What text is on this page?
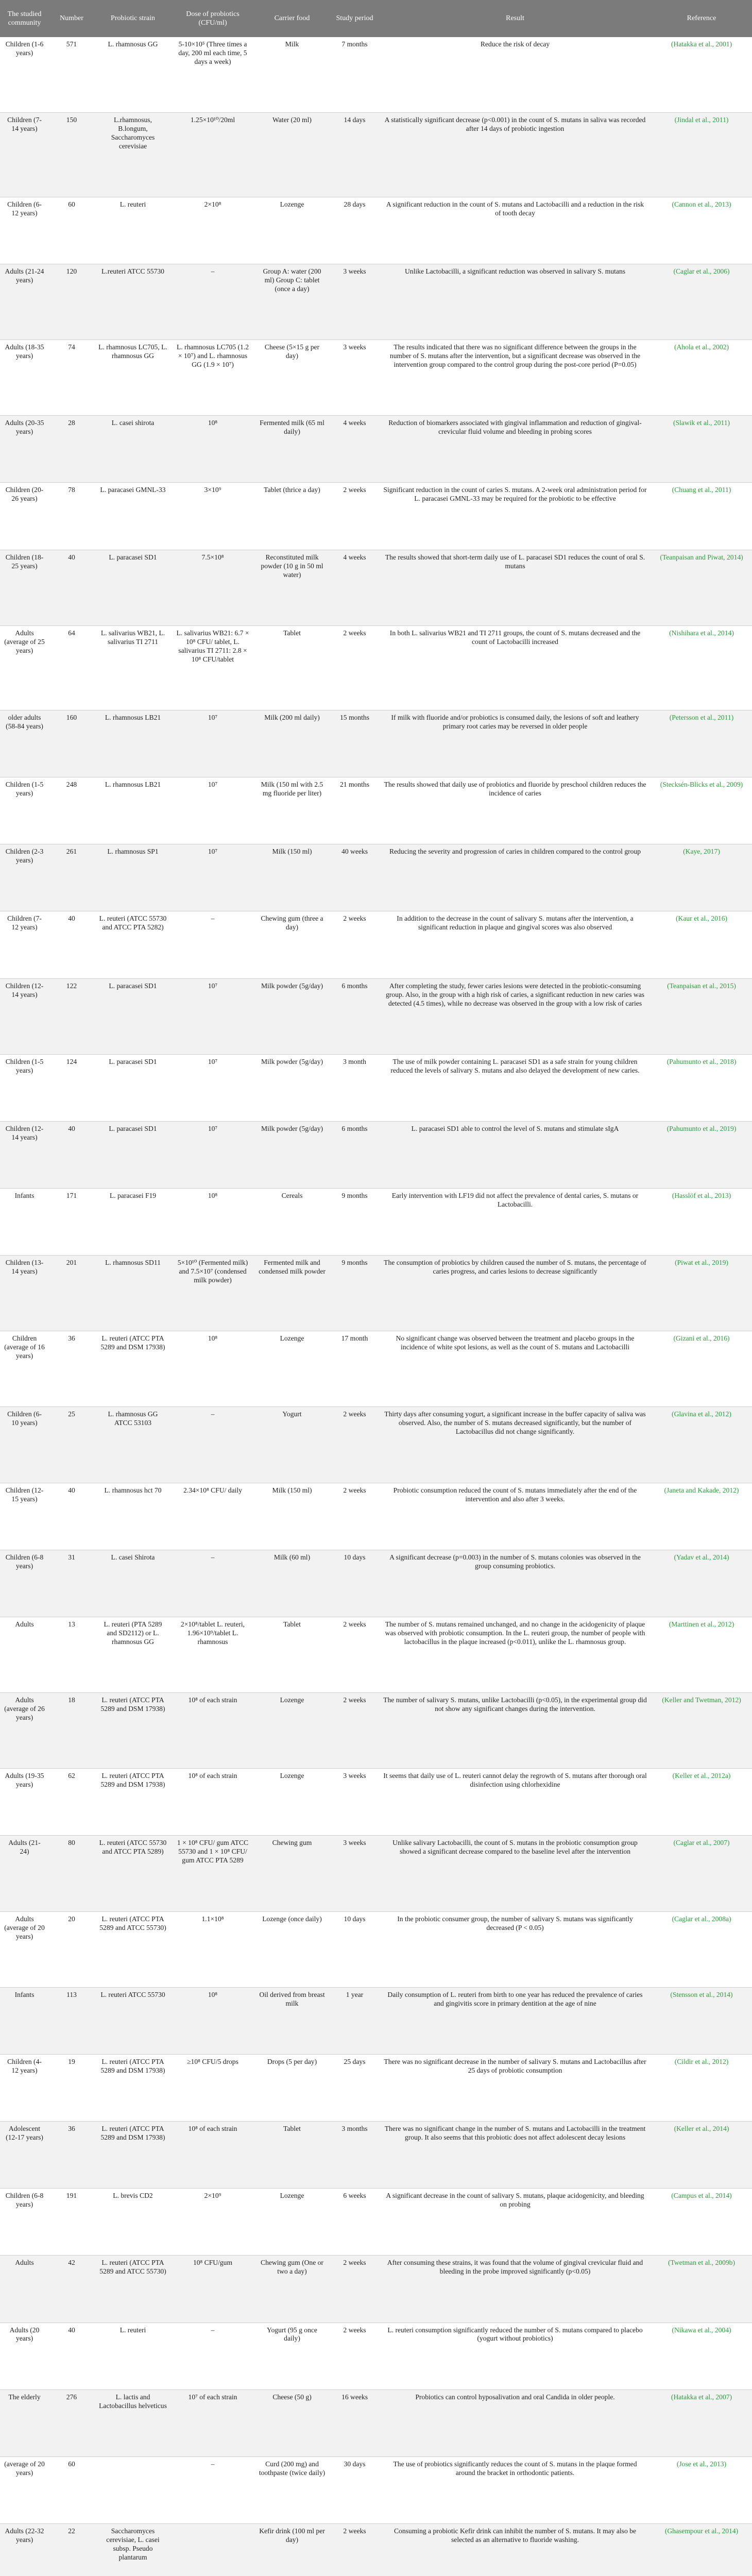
The studied community	Number	Probiotic strain	Dose of probiotics (CFU/ml)	Carrier food	Study period	Result	Reference
Children (1-6 years)	571	L. rhamnosus GG	5-10×10⁵ (Three times a day, 200 ml each time, 5 days a week)	Milk	7 months	Reduce the risk of decay	(Hatakka et al., 2001)
Children (7-14 years)	150	L.rhamnosus, B.longum, Saccharomyces cerevisiae	1.25×10¹⁰/20ml	Water (20 ml)	14 days	A statistically significant decrease (p<0.001) in the count of S. mutans in saliva was recorded after 14 days of probiotic ingestion	(Jindal et al., 2011)
Children (6-12 years)	60	L. reuteri	2×10⁸	Lozenge	28 days	A significant reduction in the count of S. mutans and Lactobacilli and a reduction in the risk of tooth decay	(Cannon et al., 2013)
Adults (21-24 years)	120	L.reuteri ATCC 55730	–	Group A: water (200 ml) Group C: tablet (once a day)	3 weeks	Unlike Lactobacilli, a significant reduction was observed in salivary S. mutans	(Caglar et al., 2006)
Adults (18-35 years)	74	L. rhamnosus LC705, L. rhamnosus GG	L. rhamnosus LC705 (1.2 × 10⁷) and L. rhamnosus GG (1.9 × 10⁷)	Cheese (5×15 g per day)	3 weeks	The results indicated that there was no significant difference between the groups in the number of S. mutans after the intervention, but a significant decrease was observed in the intervention group compared to the control group during the post-core period (P=0.05)	(Ahola et al., 2002)
Adults (20-35 years)	28	L. casei shirota	10⁸	Fermented milk (65 ml daily)	4 weeks	Reduction of biomarkers associated with gingival inflammation and reduction of gingival-crevicular fluid volume and bleeding in probing scores	(Slawik et al., 2011)
Children (20-26 years)	78	L. paracasei GMNL-33	3×10⁹	Tablet (thrice a day)	2 weeks	Significant reduction in the count of caries S. mutans. A 2-week oral administration period for L. paracasei GMNL-33 may be required for the probiotic to be effective	(Chuang et al., 2011)
Children (18-25 years)	40	L. paracasei SD1	7.5×10⁸	Reconstituted milk powder (10 g in 50 ml water)	4 weeks	The results showed that short-term daily use of L. paracasei SD1 reduces the count of oral S. mutans	(Teanpaisan and Piwat, 2014)
Adults (average of 25 years)	64	L. salivarius WB21, L. salivarius TI 2711	L. salivarius WB21: 6.7 × 10⁸ CFU/ tablet, L. salivarius TI 2711: 2.8 × 10⁸ CFU/tablet	Tablet	2 weeks	In both L. salivarius WB21 and TI 2711 groups, the count of S. mutans decreased and the count of Lactobacilli increased	(Nishihara et al., 2014)
older adults (58-84 years)	160	L. rhamnosus LB21	10⁷	Milk (200 ml daily)	15 months	If milk with fluoride and/or probiotics is consumed daily, the lesions of soft and leathery primary root caries may be reversed in older people	(Petersson et al., 2011)
Children (1-5 years)	248	L. rhamnosus LB21	10⁷	Milk (150 ml with 2.5 mg fluoride per liter)	21 months	The results showed that daily use of probiotics and fluoride by preschool children reduces the incidence of caries	(Stecksén-Blicks et al., 2009)
Children (2-3 years)	261	L. rhamnosus SP1	10⁷	Milk (150 ml)	40 weeks	Reducing the severity and progression of caries in children compared to the control group	(Kaye, 2017)
Children (7-12 years)	40	L. reuteri (ATCC 55730 and ATCC PTA 5282)	–	Chewing gum (three a day)	2 weeks	In addition to the decrease in the count of salivary S. mutans after the intervention, a significant reduction in plaque and gingival scores was also observed	(Kaur et al., 2016)
Children (12-14 years)	122	L. paracasei SD1	10⁷	Milk powder (5g/day)	6 months	After completing the study, fewer caries lesions were detected in the probiotic-consuming group. Also, in the group with a high risk of caries, a significant reduction in new caries was detected (4.5 times), while no decrease was observed in the group with a low risk of caries	(Teanpaisan et al., 2015)
Children (1-5 years)	124	L. paracasei SD1	10⁷	Milk powder (5g/day)	3 month	The use of milk powder containing L. paracasei SD1 as a safe strain for young children reduced the levels of salivary S. mutans and also delayed the development of new caries.	(Pahumunto et al., 2018)
Children (12-14 years)	40	L. paracasei SD1	10⁷	Milk powder (5g/day)	6 months	L. paracasei SD1 able to control the level of S. mutans and stimulate sIgA	(Pahumunto et al., 2019)
Infants	171	L. paracasei F19	10⁸	Cereals	9 months	Early intervention with LF19 did not affect the prevalence of dental caries, S. mutans or Lactobacilli.	(Hasslöf et al., 2013)
Children (13-14 years)	201	L. rhamnosus SD11	5×10¹⁰ (Fermented milk) and 7.5×10⁷ (condensed milk powder)	Fermented milk and condensed milk powder	9 months	The consumption of probiotics by children caused the number of S. mutans, the percentage of caries progress, and caries lesions to decrease significantly	(Piwat et al., 2019)
Children (average of 16 years)	36	L. reuteri (ATCC PTA 5289 and DSM 17938)	10⁸	Lozenge	17 month	No significant change was observed between the treatment and placebo groups in the incidence of white spot lesions, as well as the count of S. mutans and Lactobacilli	(Gizani et al., 2016)
Children (6-10 years)	25	L. rhamnosus GG ATCC 53103	–	Yogurt	2 weeks	Thirty days after consuming yogurt, a significant increase in the buffer capacity of saliva was observed. Also, the number of S. mutans decreased significantly, but the number of Lactobacillus did not change significantly.	(Glavina et al., 2012)
Children (12-15 years)	40	L. rhamnosus hct 70	2.34×10⁸ CFU/ daily	Milk (150 ml)	2 weeks	Probiotic consumption reduced the count of S. mutans immediately after the end of the intervention and also after 3 weeks.	(Janeta and Kakade, 2012)
Children (6-8 years)	31	L. casei Shirota	–	Milk (60 ml)	10 days	A significant decrease (p=0.003) in the number of S. mutans colonies was observed in the group consuming probiotics.	(Yadav et al., 2014)
Adults	13	L. reuteri (PTA 5289 and SD2112) or L. rhamnosus GG	2×10⁸/tablet L. reuteri, 1.96×10⁹/tablet L. rhamnosus	Tablet	2 weeks	The number of S. mutans remained unchanged, and no change in the acidogenicity of plaque was observed with probiotic consumption. In the L. reuteri group, the number of people with lactobacillus in the plaque increased (p<0.011), unlike the L. rhamnosus group.	(Marttinen et al., 2012)
Adults (average of 26 years)	18	L. reuteri (ATCC PTA 5289 and DSM 17938)	10⁸ of each strain	Lozenge	2 weeks	The number of salivary S. mutans, unlike Lactobacilli (p<0.05), in the experimental group did not show any significant changes during the intervention.	(Keller and Twetman, 2012)
Adults (19-35 years)	62	L. reuteri (ATCC PTA 5289 and DSM 17938)	10⁸ of each strain	Lozenge	3 weeks	It seems that daily use of L. reuteri cannot delay the regrowth of S. mutans after thorough oral disinfection using chlorhexidine	(Keller et al., 2012a)
Adults (21-24)	80	L. reuteri (ATCC 55730 and ATCC PTA 5289)	1 × 10⁸ CFU/ gum ATCC 55730 and 1 × 10⁸ CFU/ gum ATCC PTA 5289	Chewing gum	3 weeks	Unlike salivary Lactobacilli, the count of S. mutans in the probiotic consumption group showed a significant decrease compared to the baseline level after the intervention	(Caglar et al., 2007)
Adults (average of 20 years)	20	L. reuteri (ATCC PTA 5289 and ATCC 55730)	1.1×10⁸	Lozenge (once daily)	10 days	In the probiotic consumer group, the number of salivary S. mutans was significantly decreased (P < 0.05)	(Caglar et al., 2008a)
Infants	113	L. reuteri ATCC 55730	10⁸	Oil derived from breast milk	1 year	Daily consumption of L. reuteri from birth to one year has reduced the prevalence of caries and gingivitis score in primary dentition at the age of nine	(Stensson et al., 2014)
Children (4-12 years)	19	L. reuteri (ATCC PTA 5289 and DSM 17938)	≥10⁸ CFU/5 drops	Drops (5 per day)	25 days	There was no significant decrease in the number of salivary S. mutans and Lactobacillus after 25 days of probiotic consumption	(Cildir et al., 2012)
Adolescent (12-17 years)	36	L. reuteri (ATCC PTA 5289 and DSM 17938)	10⁸ of each strain	Tablet	3 months	There was no significant change in the number of S. mutans and Lactobacilli in the treatment group. It also seems that this probiotic does not affect adolescent decay lesions	(Keller et al., 2014)
Children (6-8 years)	191	L. brevis CD2	2×10⁹	Lozenge	6 weeks	A significant decrease in the count of salivary S. mutans, plaque acidogenicity, and bleeding on probing	(Campus et al., 2014)
Adults	42	L. reuteri (ATCC PTA 5289 and ATCC 55730)	10⁸ CFU/gum	Chewing gum (One or two a day)	2 weeks	After consuming these strains, it was found that the volume of gingival crevicular fluid and bleeding in the probe improved significantly (p<0.05)	(Twetman et al., 2009b)
Adults (20 years)	40	L. reuteri	–	Yogurt (95 g once daily)	2 weeks	L. reuteri consumption significantly reduced the number of S. mutans compared to placebo (yogurt without probiotics)	(Nikawa et al., 2004)
The elderly	276	L. lactis and Lactobacillus helveticus	10⁷ of each strain	Cheese (50 g)	16 weeks	Probiotics can control hyposalivation and oral Candida in older people.	(Hatakka et al., 2007)
(average of 20 years)	60		–	Curd (200 mg) and toothpaste (twice daily)	30 days	The use of probiotics significantly reduces the count of S. mutans in the plaque formed around the bracket in orthodontic patients.	(Jose et al., 2013)
Adults (22-32 years)	22	Saccharomyces cerevisiae, L. casei subsp. Pseudo plantarum		Kefir drink (100 ml per day)	2 weeks	Consuming a probiotic Kefir drink can inhibit the number of S. mutans. It may also be selected as an alternative to fluoride washing.	(Ghasempour et al., 2014)
